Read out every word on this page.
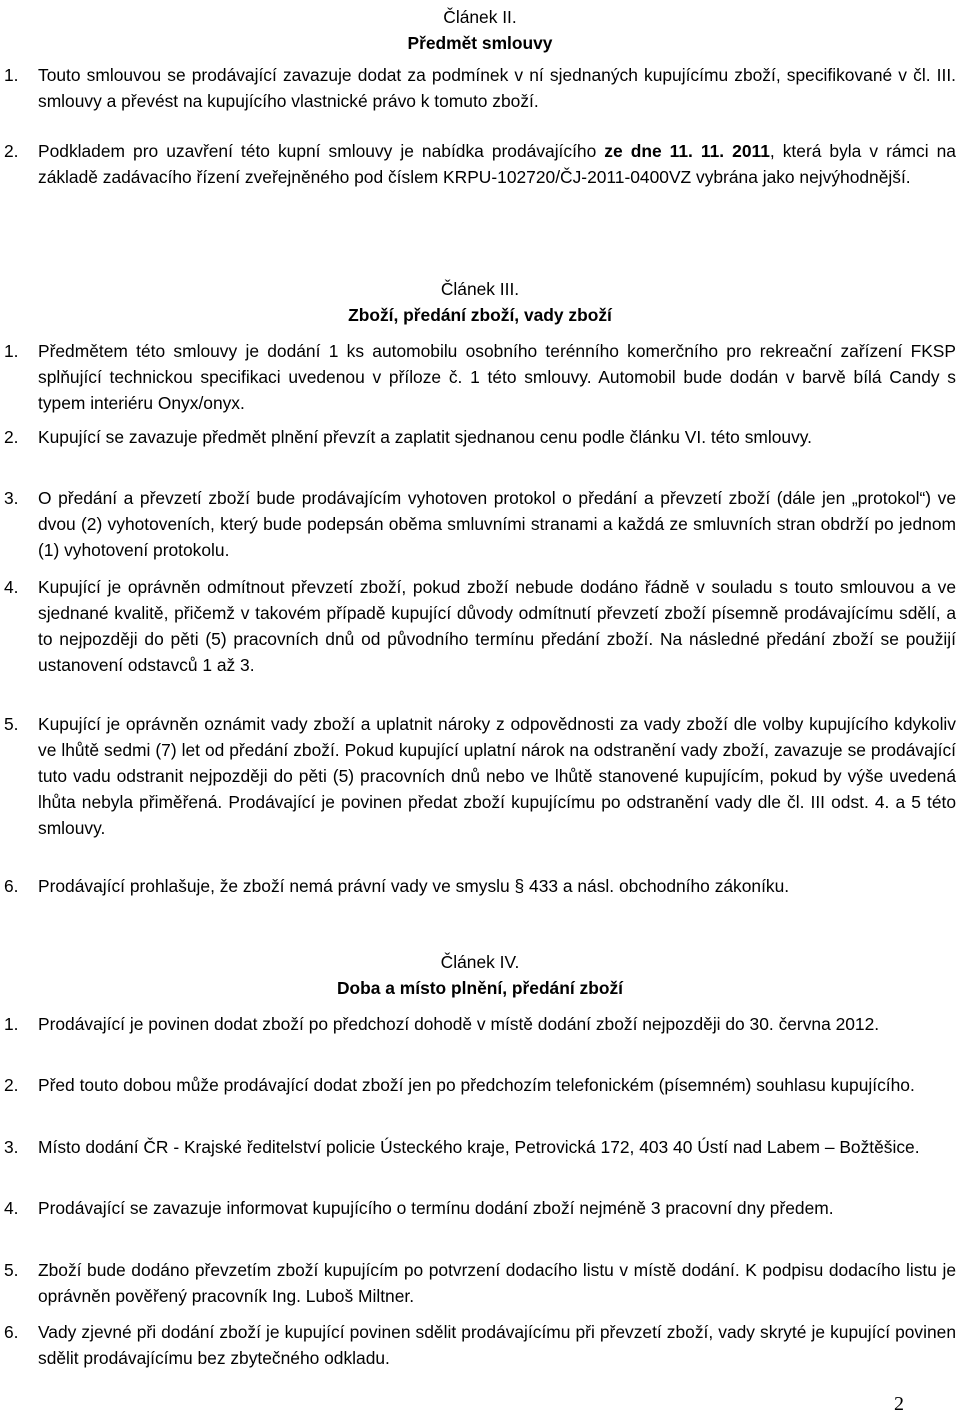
Článek II.
Předmět smlouvy
1. Touto smlouvou se prodávající zavazuje dodat za podmínek v ní sjednaných kupujícímu zboží, specifikované v čl. III. smlouvy a převést na kupujícího vlastnické právo k tomuto zboží.
2. Podkladem pro uzavření této kupní smlouvy je nabídka prodávajícího ze dne 11. 11. 2011, která byla v rámci na základě zadávacího řízení zveřejněného pod číslem KRPU-102720/ČJ-2011-0400VZ vybrána jako nejvýhodnější.
Článek III.
Zboží, předání zboží, vady zboží
1. Předmětem této smlouvy je dodání 1 ks automobilu osobního terénního komerčního pro rekreační zařízení FKSP splňující technickou specifikaci uvedenou v příloze č. 1 této smlouvy. Automobil bude dodán v barvě bílá Candy s typem interiéru Onyx/onyx.
2. Kupující se zavazuje předmět plnění převzít a zaplatit sjednanou cenu podle článku VI. této smlouvy.
3. O předání a převzetí zboží bude prodávajícím vyhotoven protokol o předání a převzetí zboží (dále jen „protokol“) ve dvou (2) vyhotoveních, který bude podepsán oběma smluvními stranami a každá ze smluvních stran obdrží po jednom (1) vyhotovení protokolu.
4. Kupující je oprávněn odmítnout převzetí zboží, pokud zboží nebude dodáno řádně v souladu s touto smlouvou a ve sjednané kvalitě, přičemž v takovém případě kupující důvody odmítnutí převzetí zboží písemně prodávajícímu sdělí, a to nejpozději do pěti (5) pracovních dnů od původního termínu předání zboží. Na následné předání zboží se použijí ustanovení odstavců 1 až 3.
5. Kupující je oprávněn oznámit vady zboží a uplatnit nároky z odpovědnosti za vady zboží dle volby kupujícího kdykoliv ve lhůtě sedmi (7) let od předání zboží. Pokud kupující uplatní nárok na odstranění vady zboží, zavazuje se prodávající tuto vadu odstranit nejpozději do pěti (5) pracovních dnů nebo ve lhůtě stanovené kupujícím, pokud by výše uvedená lhůta nebyla přiměřená. Prodávající je povinen předat zboží kupujícímu po odstranění vady dle čl. III odst. 4. a 5 této smlouvy.
6. Prodávající prohlašuje, že zboží nemá právní vady ve smyslu § 433 a násl. obchodního zákoníku.
Článek IV.
Doba a místo plnění, předání zboží
1. Prodávající je povinen dodat zboží po předchozí dohodě v místě dodání zboží nejpozději do 30. června 2012.
2. Před touto dobou může prodávající dodat zboží jen po předchozím telefonickém (písemném) souhlasu kupujícího.
3. Místo dodání ČR - Krajské ředitelství policie Ústeckého kraje, Petrovická 172, 403 40 Ústí nad Labem – Božtěšice.
4. Prodávající se zavazuje informovat kupujícího o termínu dodání zboží nejméně 3 pracovní dny předem.
5. Zboží bude dodáno převzetím zboží kupujícím po potvrzení dodacího listu v místě dodání. K podpisu dodacího listu je oprávněn pověřený pracovník Ing. Luboš Miltner.
6. Vady zjevné při dodání zboží je kupující povinen sdělit prodávajícímu při převzetí zboží, vady skryté je kupující povinen sdělit prodávajícímu bez zbytečného odkladu.
2
